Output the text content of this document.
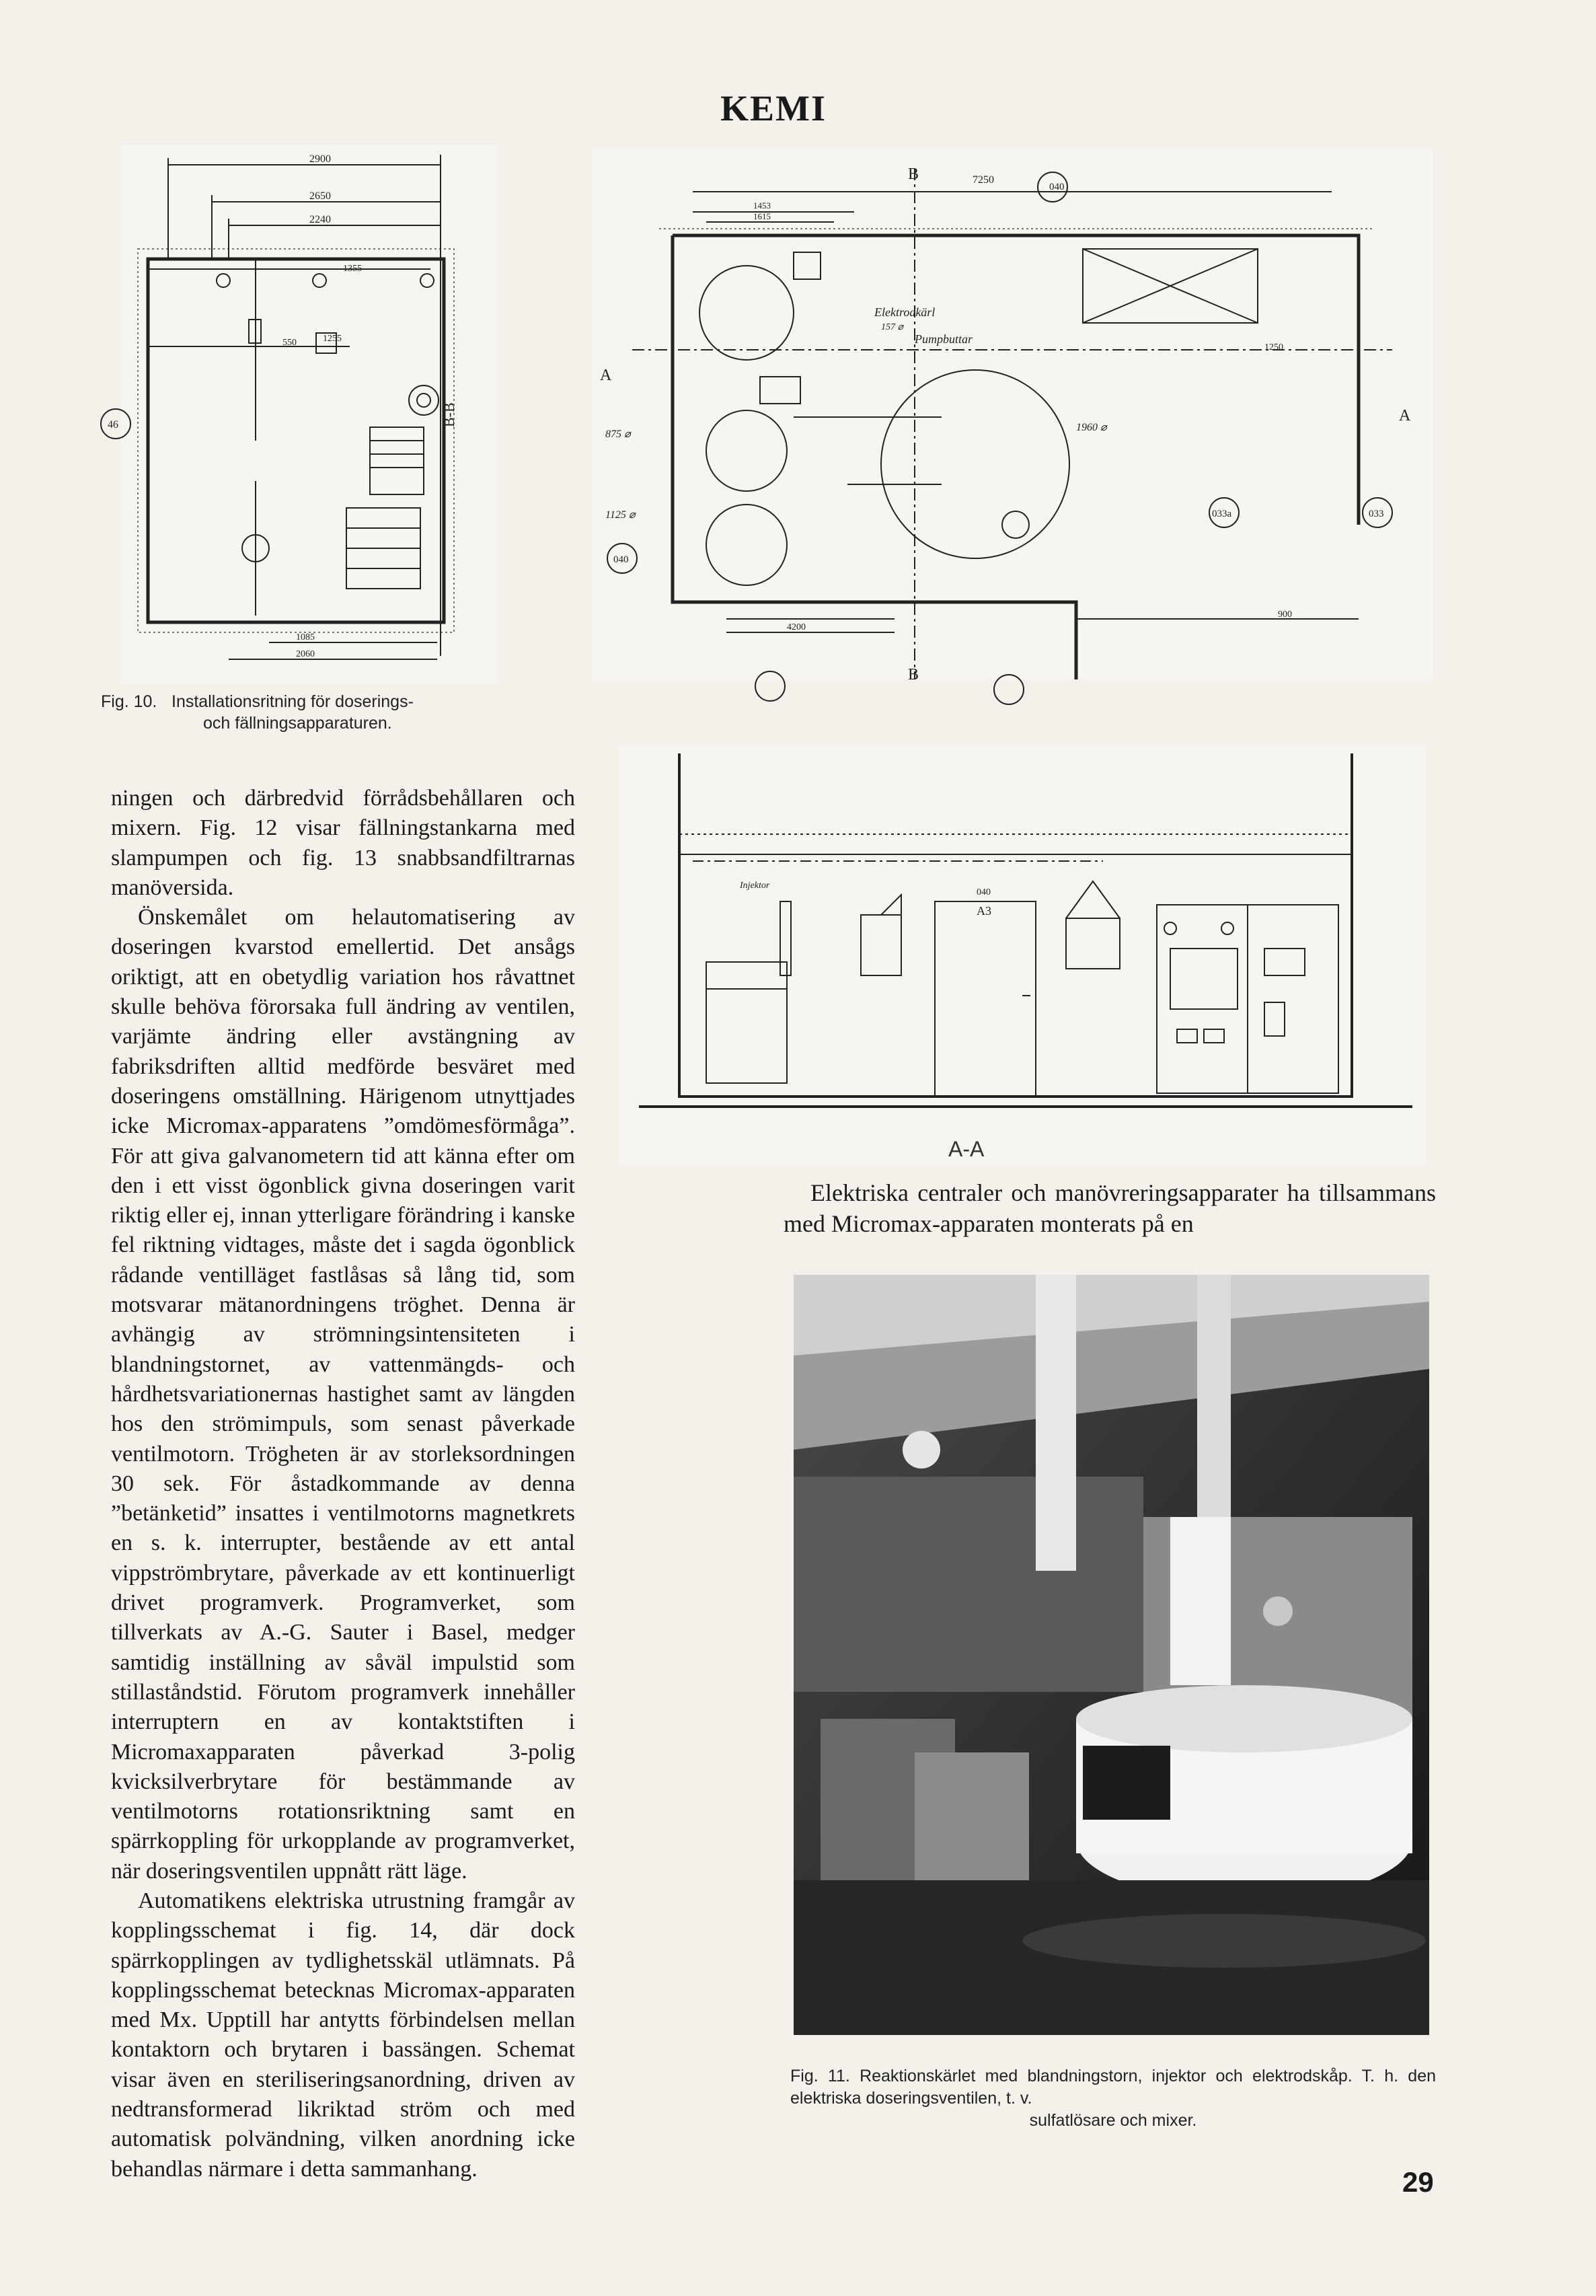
KEMI
2900
2650
2240
1355
1255
550
1085
2060
B-B
46
040
040
033
033a
7250
1453
1615
900
4200
1250
Elektrodkärl
Pumpbuttar
B
B
A
A
875 ⌀
1125 ⌀
1960 ⌀
157 ⌀
Fig. 10. Installationsritning för doserings-
och fällningsapparaturen.
Injektor
040
A3
A-A

ningen och därbredvid förrådsbehållaren och mixern. Fig. 12 visar fällningstankarna med slampumpen och fig. 13 snabbsandfiltrarnas manöversida.

Önskemålet om helautomatisering av doseringen kvarstod emellertid. Det ansågs oriktigt, att en obetydlig variation hos råvattnet skulle behöva förorsaka full ändring av ventilen, varjämte ändring eller avstängning av fabriksdriften alltid medförde besväret med doseringens omställning. Härigenom utnyttjades icke Micromax-apparatens ”omdömesförmåga”. För att giva galvanometern tid att känna efter om den i ett visst ögonblick givna doseringen varit riktig eller ej, innan ytterligare förändring i kanske fel riktning vidtages, måste det i sagda ögonblick rådande ventilläget fastlåsas så lång tid, som motsvarar mätanordningens tröghet. Denna är avhängig av strömningsintensiteten i blandningstornet, av vattenmängds- och hårdhetsvariationernas hastighet samt av längden hos den strömimpuls, som senast påverkade ventilmotorn. Trögheten är av storleksordningen 30 sek. För åstadkommande av denna ”betänketid” insattes i ventilmotorns magnetkrets en s. k. interrupter, bestående av ett antal vippströmbrytare, påverkade av ett kontinuerligt drivet programverk. Programverket, som tillverkats av A.-G. Sauter i Basel, medger samtidig inställning av såväl impulstid som stillaståndstid. Förutom programverk innehåller interruptern en av kontaktstiften i Micromaxapparaten påverkad 3-polig kvicksilverbrytare för bestämmande av ventilmotorns rotationsriktning samt en spärrkoppling för urkopplande av programverket, när doseringsventilen uppnått rätt läge.

Automatikens elektriska utrustning framgår av kopplingsschemat i fig. 14, där dock spärrkopplingen av tydlighetsskäl utlämnats. På kopplingsschemat betecknas Micromax-apparaten med Mx. Upptill har antytts förbindelsen mellan kontaktorn och brytaren i bassängen. Schemat visar även en steriliseringsanordning, driven av nedtransformerad likriktad ström och med automatisk polvändning, vilken anordning icke behandlas närmare i detta sammanhang.

Elektriska centraler och manövreringsapparater ha tillsammans med Micromax-apparaten monterats på en

Fig. 11. Reaktionskärlet med blandningstorn, injektor och elektrodskåp. T. h. den elektriska doseringsventilen, t. v.
sulfatlösare och mixer.
29
